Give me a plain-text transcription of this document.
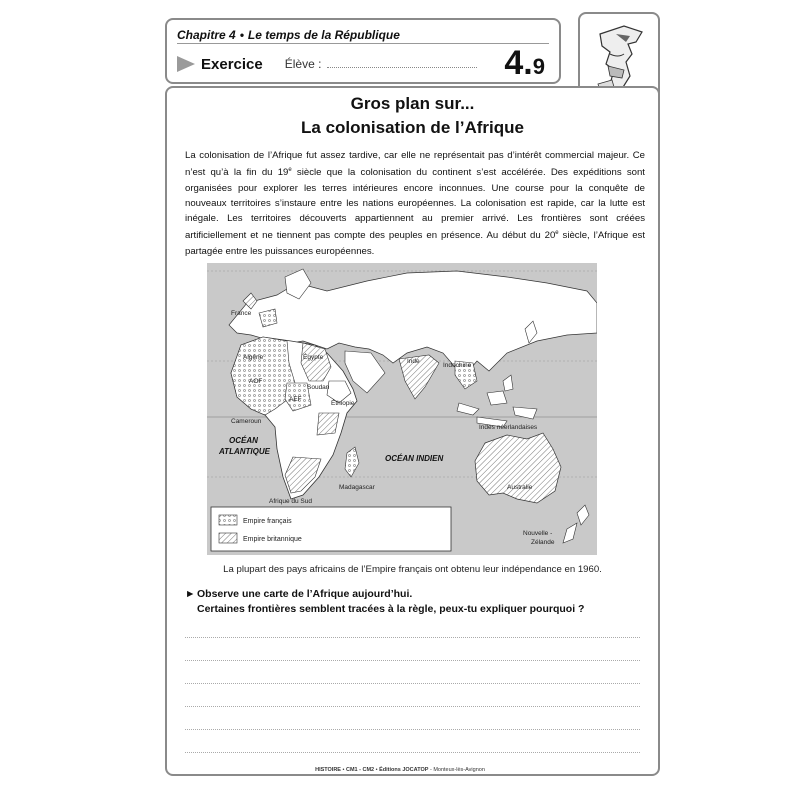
Chapitre 4 • Le temps de la République
Exercice Élève :	4 . 9
Gros plan sur...
La colonisation de l’Afrique
La colonisation de l’Afrique fut assez tardive, car elle ne représentait pas d’intérêt commercial majeur. Ce n’est qu’à la fin du 19e siècle que la colonisation du continent s’est accélérée. Des expéditions sont organisées pour explorer les terres intérieures encore inconnues. Une course pour la conquête de nouveaux territoires s’instaure entre les nations européennes. La colonisation est rapide, car la lutte est inégale. Les territoires découverts appartiennent au premier arrivé. Les frontières sont créées artificiellement et ne tiennent pas compte des peuples en présence. Au début du 20e siècle, l’Afrique est partagée entre les puissances européennes.
France
Algérie	Égypte
AOF
Soudan
AEF
Éthiopie
Cameroun
Inde
Indochine
Indes néerlandaises
OCÉAN
ATLANTIQUE
OCÉAN INDIEN
Madagascar	Australie
Afrique du Sud
Nouvelle -
Zélande
Empire français
Empire britannique
La plupart des pays africains de l’Empire français ont obtenu leur indépendance en 1960.
► Observe une carte de l’Afrique aujourd’hui.
Certaines frontières semblent tracées à la règle, peux-tu expliquer pourquoi ?
HISTOIRE • CM1 - CM2 • Éditions JOCATOP - Monteux-lès-Avignon
